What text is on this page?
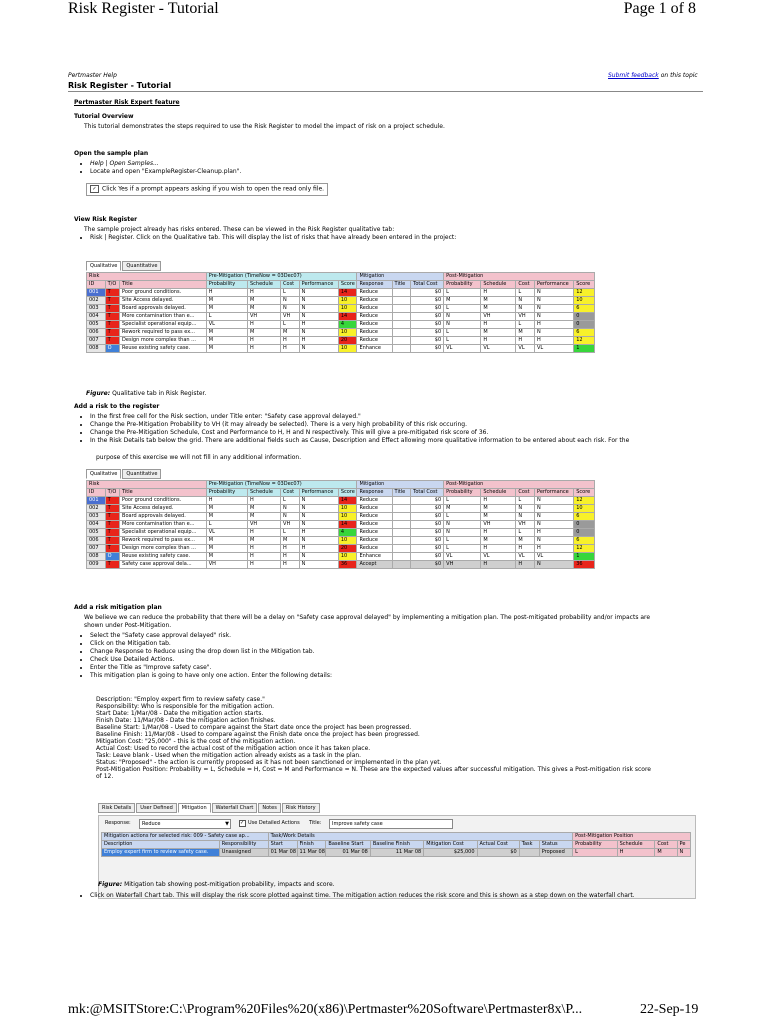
Risk Register - Tutorial	Page 1 of 8
Pertmaster Help	Submit feedback on this topic
Risk Register - Tutorial
Pertmaster Risk Expert feature
Tutorial Overview
This tutorial demonstrates the steps required to use the Risk Register to model the impact of risk on a project schedule.
Open the sample plan
• Help | Open Samples...
• Locate and open "ExampleRegister-Cleanup.plan".
✓ Click Yes if a prompt appears asking if you wish to open the read only file.
View Risk Register
The sample project already has risks entered. These can be viewed in the Risk Register qualitative tab:
• Risk | Register. Click on the Qualitative tab. This will display the list of risks that have already been entered in the project:
Qualitative Quantitative
Risk			Pre-Mitigation (TimeNow = 03Dec07)					Mitigation			Post-Mitigation				
ID	T/O	Title	Probability	Schedule	Cost	Performance	Score	Response	Title	Total Cost	Probability	Schedule	Cost	Performance	Score
001	T	Poor ground conditions.	H	H	L	N	14	Reduce		$0	L	H	L	N	12
002	T	Site Access delayed.	M	M	N	N	10	Reduce		$0	M	M	N	N	10
003	T	Board approvals delayed.	M	M	N	N	10	Reduce		$0	L	M	N	N	6
004	T	More contamination than e...	L	VH	VH	N	14	Reduce		$0	N	VH	VH	N	0
005	T	Specialist operational equip...	VL	H	L	H	4	Reduce		$0	N	H	L	H	0
006	T	Rework required to pass ex...	M	M	M	N	10	Reduce		$0	L	M	M	N	6
007	T	Design more complex than ...	M	H	H	H	20	Reduce		$0	L	H	H	H	12
008	O	Reuse existing safety case.	M	H	H	N	10	Enhance		$0	VL	VL	VL	VL	1
Figure: Qualitative tab in Risk Register.
Add a risk to the register
• In the first free cell for the Risk section, under Title enter: "Safety case approval delayed."
• Change the Pre-Mitigation Probability to VH (it may already be selected). There is a very high probability of this risk occuring.
• Change the Pre-Mitigation Schedule, Cost and Performance to H, H and N respectively. This will give a pre-mitigated risk score of 36.
• In the Risk Details tab below the grid. There are additional fields such as Cause, Description and Effect allowing more qualitative information to be entered about each risk. For the
purpose of this exercise we will not fill in any additional information.
Qualitative Quantitative
Risk			Pre-Mitigation (TimeNow = 03Dec07)					Mitigation			Post-Mitigation				
ID	T/O	Title	Probability	Schedule	Cost	Performance	Score	Response	Title	Total Cost	Probability	Schedule	Cost	Performance	Score
001	T	Poor ground conditions.	H	H	L	N	14	Reduce		$0	L	H	L	N	12
002	T	Site Access delayed.	M	M	N	N	10	Reduce		$0	M	M	N	N	10
003	T	Board approvals delayed.	M	M	N	N	10	Reduce		$0	L	M	N	N	6
004	T	More contamination than e...	L	VH	VH	N	14	Reduce		$0	N	VH	VH	N	0
005	T	Specialist operational equip...	VL	H	L	H	4	Reduce		$0	N	H	L	H	0
006	T	Rework required to pass ex...	M	M	M	N	10	Reduce		$0	L	M	M	N	6
007	T	Design more complex than ...	M	H	H	H	20	Reduce		$0	L	H	H	H	12
008	O	Reuse existing safety case.	M	H	H	N	10	Enhance		$0	VL	VL	VL	VL	1
009	T	Safety case approval dela...	VH	H	H	N	36	Accept		$0	VH	H	H	N	36
Add a risk mitigation plan
We believe we can reduce the probability that there will be a delay on "Safety case approval delayed" by implementing a mitigation plan. The post-mitigated probability and/or impacts are
shown under Post-Mitigation.
• Select the "Safety case approval delayed" risk.
• Click on the Mitigation tab.
• Change Response to Reduce using the drop down list in the Mitigation tab.
• Check Use Detailed Actions.
• Enter the Title as "Improve safety case".
• This mitigation plan is going to have only one action. Enter the following details:
Description: "Employ expert firm to review safety case."
Responsibility: Who is responsible for the mitigation action.
Start Date: 1/Mar/08 - Date the mitigation action starts.
Finish Date: 11/Mar/08 - Date the mitigation action finishes.
Baseline Start: 1/Mar/08 - Used to compare against the Start date once the project has been progressed.
Baseline Finish: 11/Mar/08 - Used to compare against the Finish date once the project has been progressed.
Mitigation Cost: "25,000" - this is the cost of the mitigation action.
Actual Cost: Used to record the actual cost of the mitigation action once it has taken place.
Task: Leave blank - Used when the mitigation action already exists as a task in the plan.
Status: "Proposed" - the action is currently proposed as it has not been sanctioned or implemented in the plan yet.
Post-Mitigation Position: Probability = L, Schedule = H, Cost = M and Performance = N. These are the expected values after successful mitigation. This gives a Post-mitigation risk score
of 12.
Risk Details User Defined Mitigation Waterfall Chart Notes Risk History
Response:	Reduce	▼ ✓ Use Detailed Actions Title:	Improve safety case
Mitigation actions for selected risk: 009 - Safety case ap...		Task/Work Details								Post-Mitigation Position			
Description	Responsibility	Start	Finish	Baseline Start	Baseline Finish	Mitigation Cost	Actual Cost	Task	Status	Probability	Schedule	Cost	Pe
Employ expert firm to review safety case.	Unassigned	01 Mar 08	11 Mar 08	01 Mar 08	11 Mar 08	$25,000	$0		Proposed	L	H	M	N
Figure: Mitigation tab showing post-mitigation probability, impacts and score.
• Click on Waterfall Chart tab. This will display the risk score plotted against time. The mitigation action reduces the risk score and this is shown as a step down on the waterfall chart.
mk:@MSITStore:C:\Program%20Files%20(x86)\Pertmaster%20Software\Pertmaster8x\P...	22-Sep-19
